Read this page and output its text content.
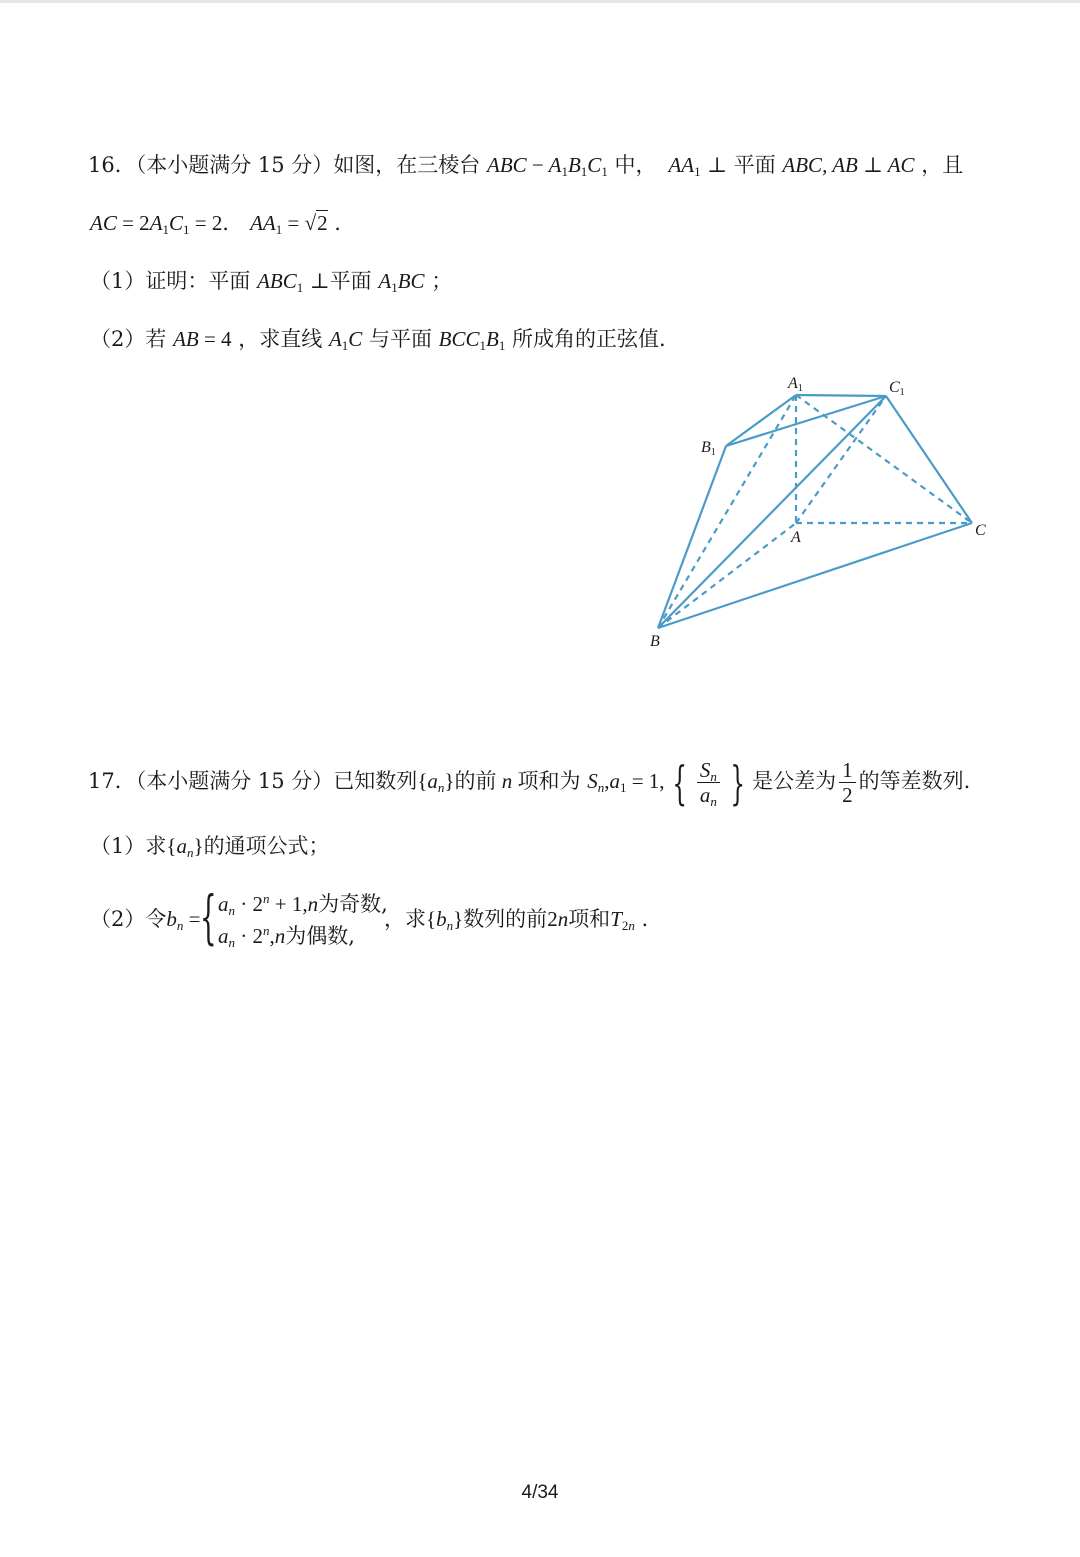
16．（本小题满分 15 分）如图，在三棱台 ABC − $A_1B_1C_1$ 中，  $AA_1$ ⊥ 平面 ABC, AB ⊥ AC ，且
AC = $2A_1C_1 = 2$． $AA_1 = √2$ .
（1）证明：平面 $ABC_1$ ⊥平面 $A_1BC$ ；
（2）若 AB = 4 ，求直线 $A_1C$ 与平面 $BCC_1B_1$ 所成角的正弦值.
A1	C1
B1
A	C
B
17．（本小题满分 15 分）已知数列$\{a_n\}$的前 n 项和为 $S_n,a_1 = 1$, { $\frac{S_n}{a_n}$ } 是公差为 $\frac{1}{2}$ 的等差数列.
（1）求$\{a_n\}$的通项公式；
（2）令$b_n$ = { $a_n \cdot 2^n + 1,n$为奇数,
$a_n \cdot 2^n,n$为偶数,
，求$\{b_n\}$数列的前2n项和$T_{2n}$ .
4/34
